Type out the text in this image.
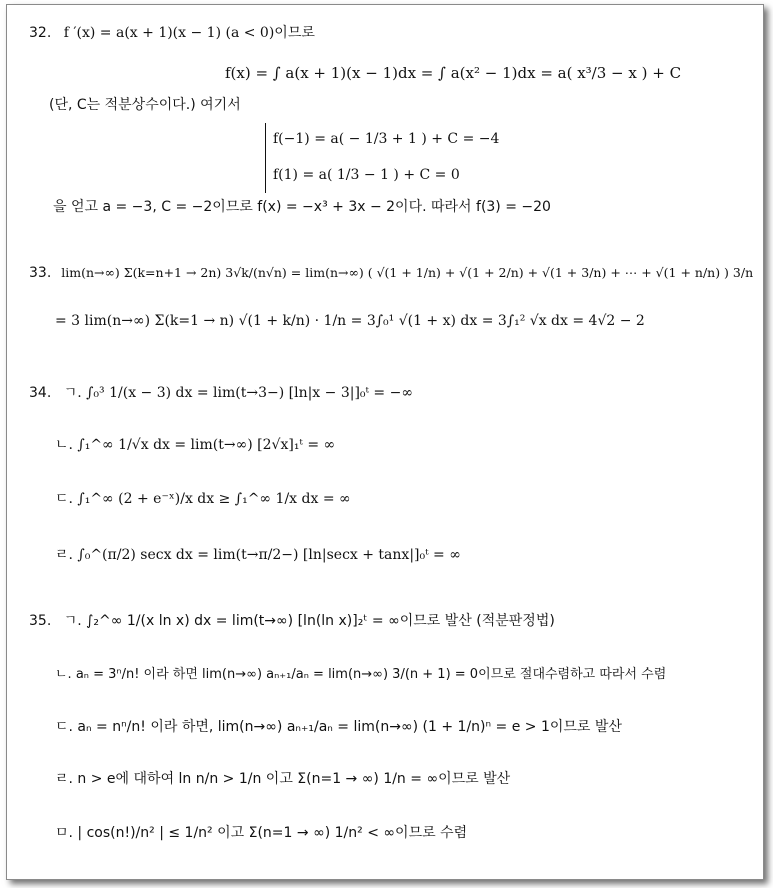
32. f ′(x) = a(x + 1)(x − 1) (a < 0)이므로
f(x) = ∫ a(x + 1)(x − 1)dx = ∫ a(x² − 1)dx = a( x³/3 − x ) + C
(단, C는 적분상수이다.) 여기서
f(−1) = a( − 1/3 + 1 ) + C = −4
f(1) = a( 1/3 − 1 ) + C = 0
을 얻고 a = −3, C = −2이므로 f(x) = −x³ + 3x − 2이다. 따라서 f(3) = −20
33. lim(n→∞) Σ(k=n+1 → 2n) 3√k/(n√n) = lim(n→∞) ( √(1 + 1/n) + √(1 + 2/n) + √(1 + 3/n) + ⋯ + √(1 + n/n) ) 3/n
= 3 lim(n→∞) Σ(k=1 → n) √(1 + k/n) · 1/n = 3∫₀¹ √(1 + x) dx = 3∫₁² √x dx = 4√2 − 2
34. ㄱ. ∫₀³ 1/(x − 3) dx = lim(t→3−) [ln|x − 3|]₀ᵗ = −∞
ㄴ. ∫₁^∞ 1/√x dx = lim(t→∞) [2√x]₁ᵗ = ∞
ㄷ. ∫₁^∞ (2 + e⁻ˣ)/x dx ≥ ∫₁^∞ 1/x dx = ∞
ㄹ. ∫₀^(π/2) secx dx = lim(t→π/2−) [ln|secx + tanx|]₀ᵗ = ∞
35. ㄱ. ∫₂^∞ 1/(x ln x) dx = lim(t→∞) [ln(ln x)]₂ᵗ = ∞이므로 발산 (적분판정법)
ㄴ. aₙ = 3ⁿ/n! 이라 하면 lim(n→∞) aₙ₊₁/aₙ = lim(n→∞) 3/(n + 1) = 0이므로 절대수렴하고 따라서 수렴
ㄷ. aₙ = nⁿ/n! 이라 하면, lim(n→∞) aₙ₊₁/aₙ = lim(n→∞) (1 + 1/n)ⁿ = e > 1이므로 발산
ㄹ. n > e에 대하여 ln n/n > 1/n 이고 Σ(n=1 → ∞) 1/n = ∞이므로 발산
ㅁ. | cos(n!)/n² | ≤ 1/n² 이고 Σ(n=1 → ∞) 1/n² < ∞이므로 수렴
